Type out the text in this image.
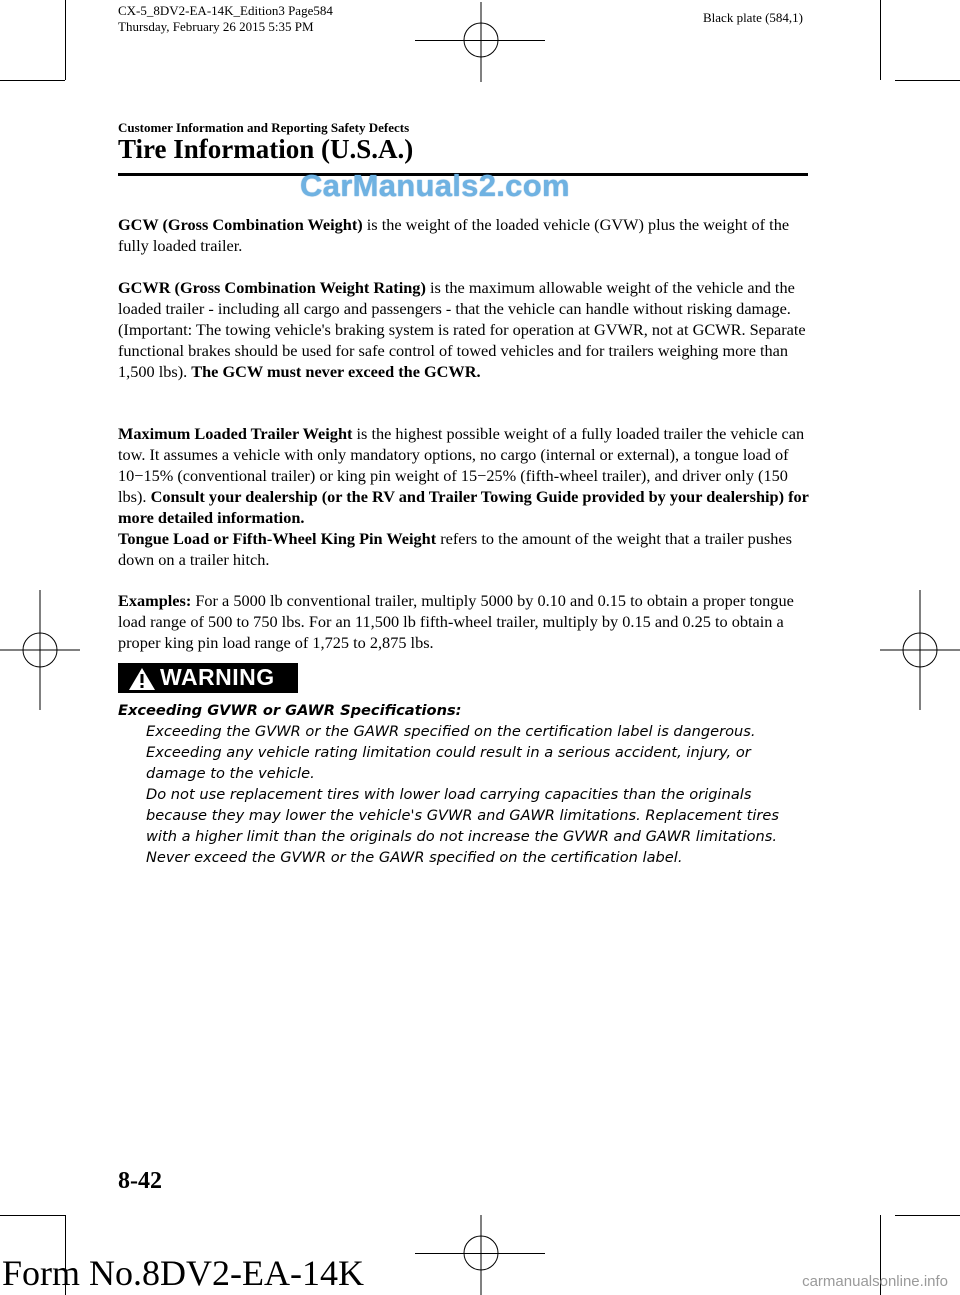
CX-5_8DV2-EA-14K_Edition3 Page584
Thursday, February 26 2015 5:35 PM
Black plate (584,1)
Customer Information and Reporting Safety Defects
Tire Information (U.S.A.)
CarManuals2.com

GCW (Gross Combination Weight) is the weight of the loaded vehicle (GVW) plus the weight of the fully loaded trailer.

GCWR (Gross Combination Weight Rating) is the maximum allowable weight of the vehicle and the loaded trailer - including all cargo and passengers - that the vehicle can handle without risking damage. (Important: The towing vehicle's braking system is rated for operation at GVWR, not at GCWR. Separate functional brakes should be used for safe control of towed vehicles and for trailers weighing more than 1,500 lbs). The GCW must never exceed the GCWR.

Maximum Loaded Trailer Weight is the highest possible weight of a fully loaded trailer the vehicle can tow. It assumes a vehicle with only mandatory options, no cargo (internal or external), a tongue load of 10−15% (conventional trailer) or king pin weight of 15−25% (fifth-wheel trailer), and driver only (150 lbs). Consult your dealership (or the RV and Trailer Towing Guide provided by your dealership) for more detailed information.

Tongue Load or Fifth-Wheel King Pin Weight refers to the amount of the weight that a trailer pushes down on a trailer hitch.

Examples: For a 5000 lb conventional trailer, multiply 5000 by 0.10 and 0.15 to obtain a proper tongue load range of 500 to 750 lbs. For an 11,500 lb fifth-wheel trailer, multiply by 0.15 and 0.25 to obtain a proper king pin load range of 1,725 to 2,875 lbs.

WARNING

Exceeding GVWR or GAWR Specifications:

Exceeding the GVWR or the GAWR specified on the certification label is dangerous. Exceeding any vehicle rating limitation could result in a serious accident, injury, or damage to the vehicle.

Do not use replacement tires with lower load carrying capacities than the originals because they may lower the vehicle's GVWR and GAWR limitations. Replacement tires with a higher limit than the originals do not increase the GVWR and GAWR limitations.

Never exceed the GVWR or the GAWR specified on the certification label.

8-42
Form No.8DV2-EA-14K	carmanualsonline.info
